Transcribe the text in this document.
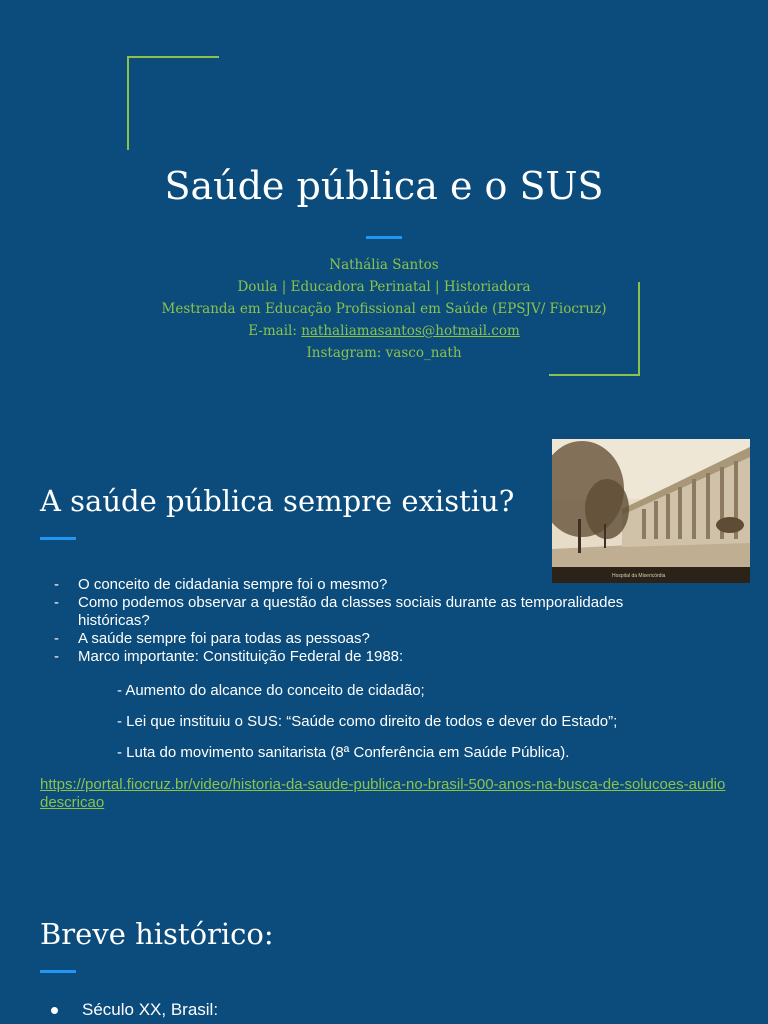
Saúde pública e o SUS
Nathália Santos
Doula | Educadora Perinatal | Historiadora
Mestranda em Educação Profissional em Saúde (EPSJV/ Fiocruz)
E-mail: nathaliamasantos@hotmail.com
Instagram: vasco_nath
Hospital da Misericórdia
A saúde pública sempre existiu?
- O conceito de cidadania sempre foi o mesmo?
- Como podemos observar a questão da classes sociais durante as temporalidades históricas?
- A saúde sempre foi para todas as pessoas?
- Marco importante: Constituição Federal de 1988:
- Aumento do alcance do conceito de cidadão;
- Lei que instituiu o SUS: “Saúde como direito de todos e dever do Estado”;
- Luta do movimento sanitarista (8ª Conferência em Saúde Pública).
https://portal.fiocruz.br/video/historia-da-saude-publica-no-brasil-500-anos-na-busca-de-solucoes-audiodescricao
Breve histórico:
Século XX, Brasil:
